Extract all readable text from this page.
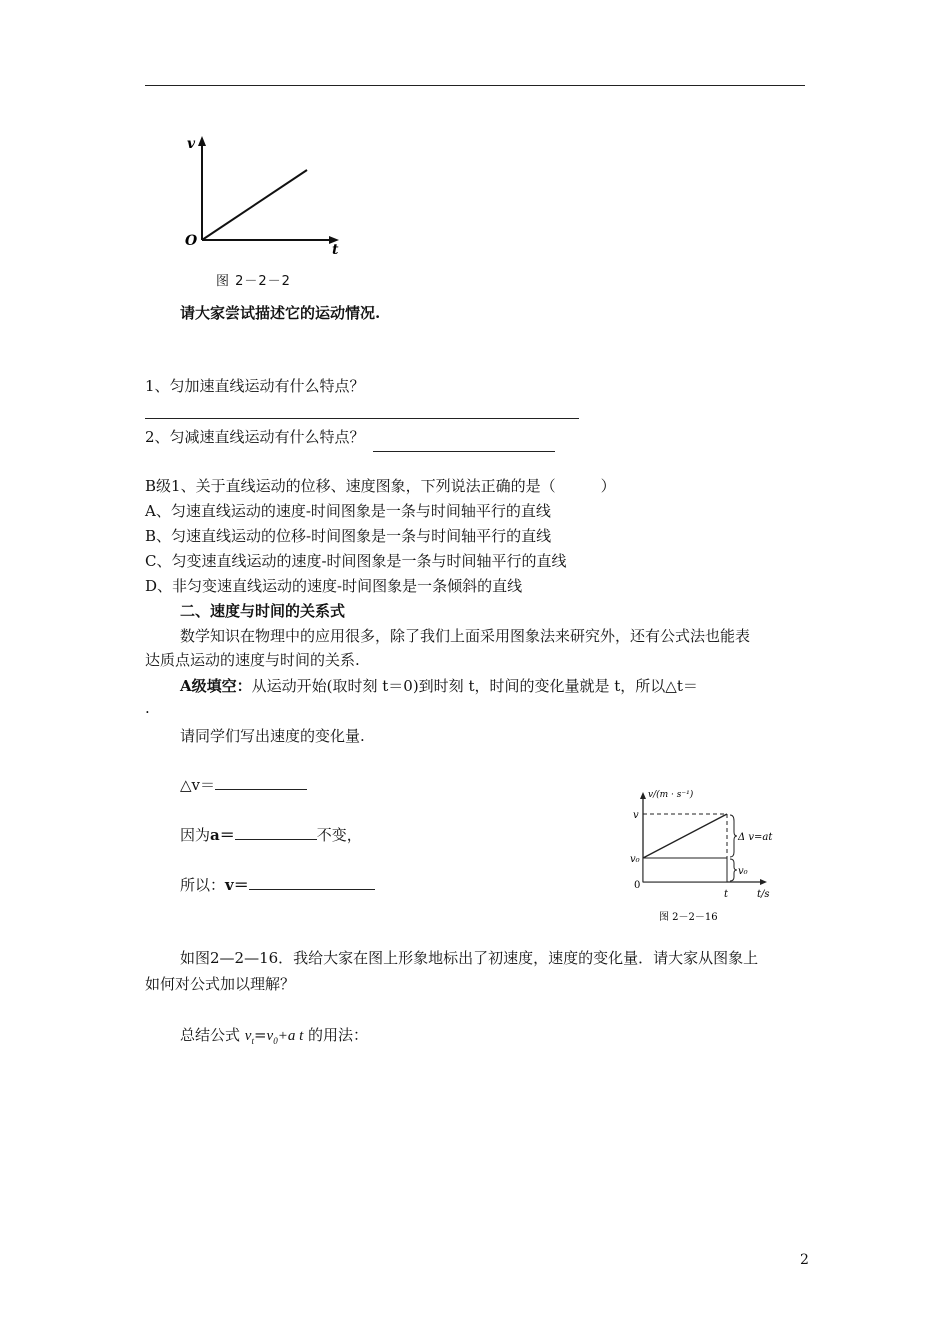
v
t
O
图 2－2－2
请大家尝试描述它的运动情况.
1、匀加速直线运动有什么特点？
2、匀减速直线运动有什么特点？
B级1、关于直线运动的位移、速度图象，下列说法正确的是（　　　）
A、匀速直线运动的速度-时间图象是一条与时间轴平行的直线
B、匀速直线运动的位移-时间图象是一条与时间轴平行的直线
C、匀变速直线运动的速度-时间图象是一条与时间轴平行的直线
D、非匀变速直线运动的速度-时间图象是一条倾斜的直线
二、速度与时间的关系式
数学知识在物理中的应用很多，除了我们上面采用图象法来研究外，还有公式法也能表
达质点运动的速度与时间的关系.
A级填空：从运动开始(取时刻 t＝0)到时刻 t，时间的变化量就是 t，所以△t＝
.
请同学们写出速度的变化量.
△v＝
因为a＝	不变，
所以：v＝
v/(m · s⁻¹)
t/s
v
v₀
0
t
Δ v=at
v₀
图 2－2－16
如图2—2—16．我给大家在图上形象地标出了初速度，速度的变化量．请大家从图象上
如何对公式加以理解？
总结公式 $v_t=v_0+a$ t 的用法：
2
